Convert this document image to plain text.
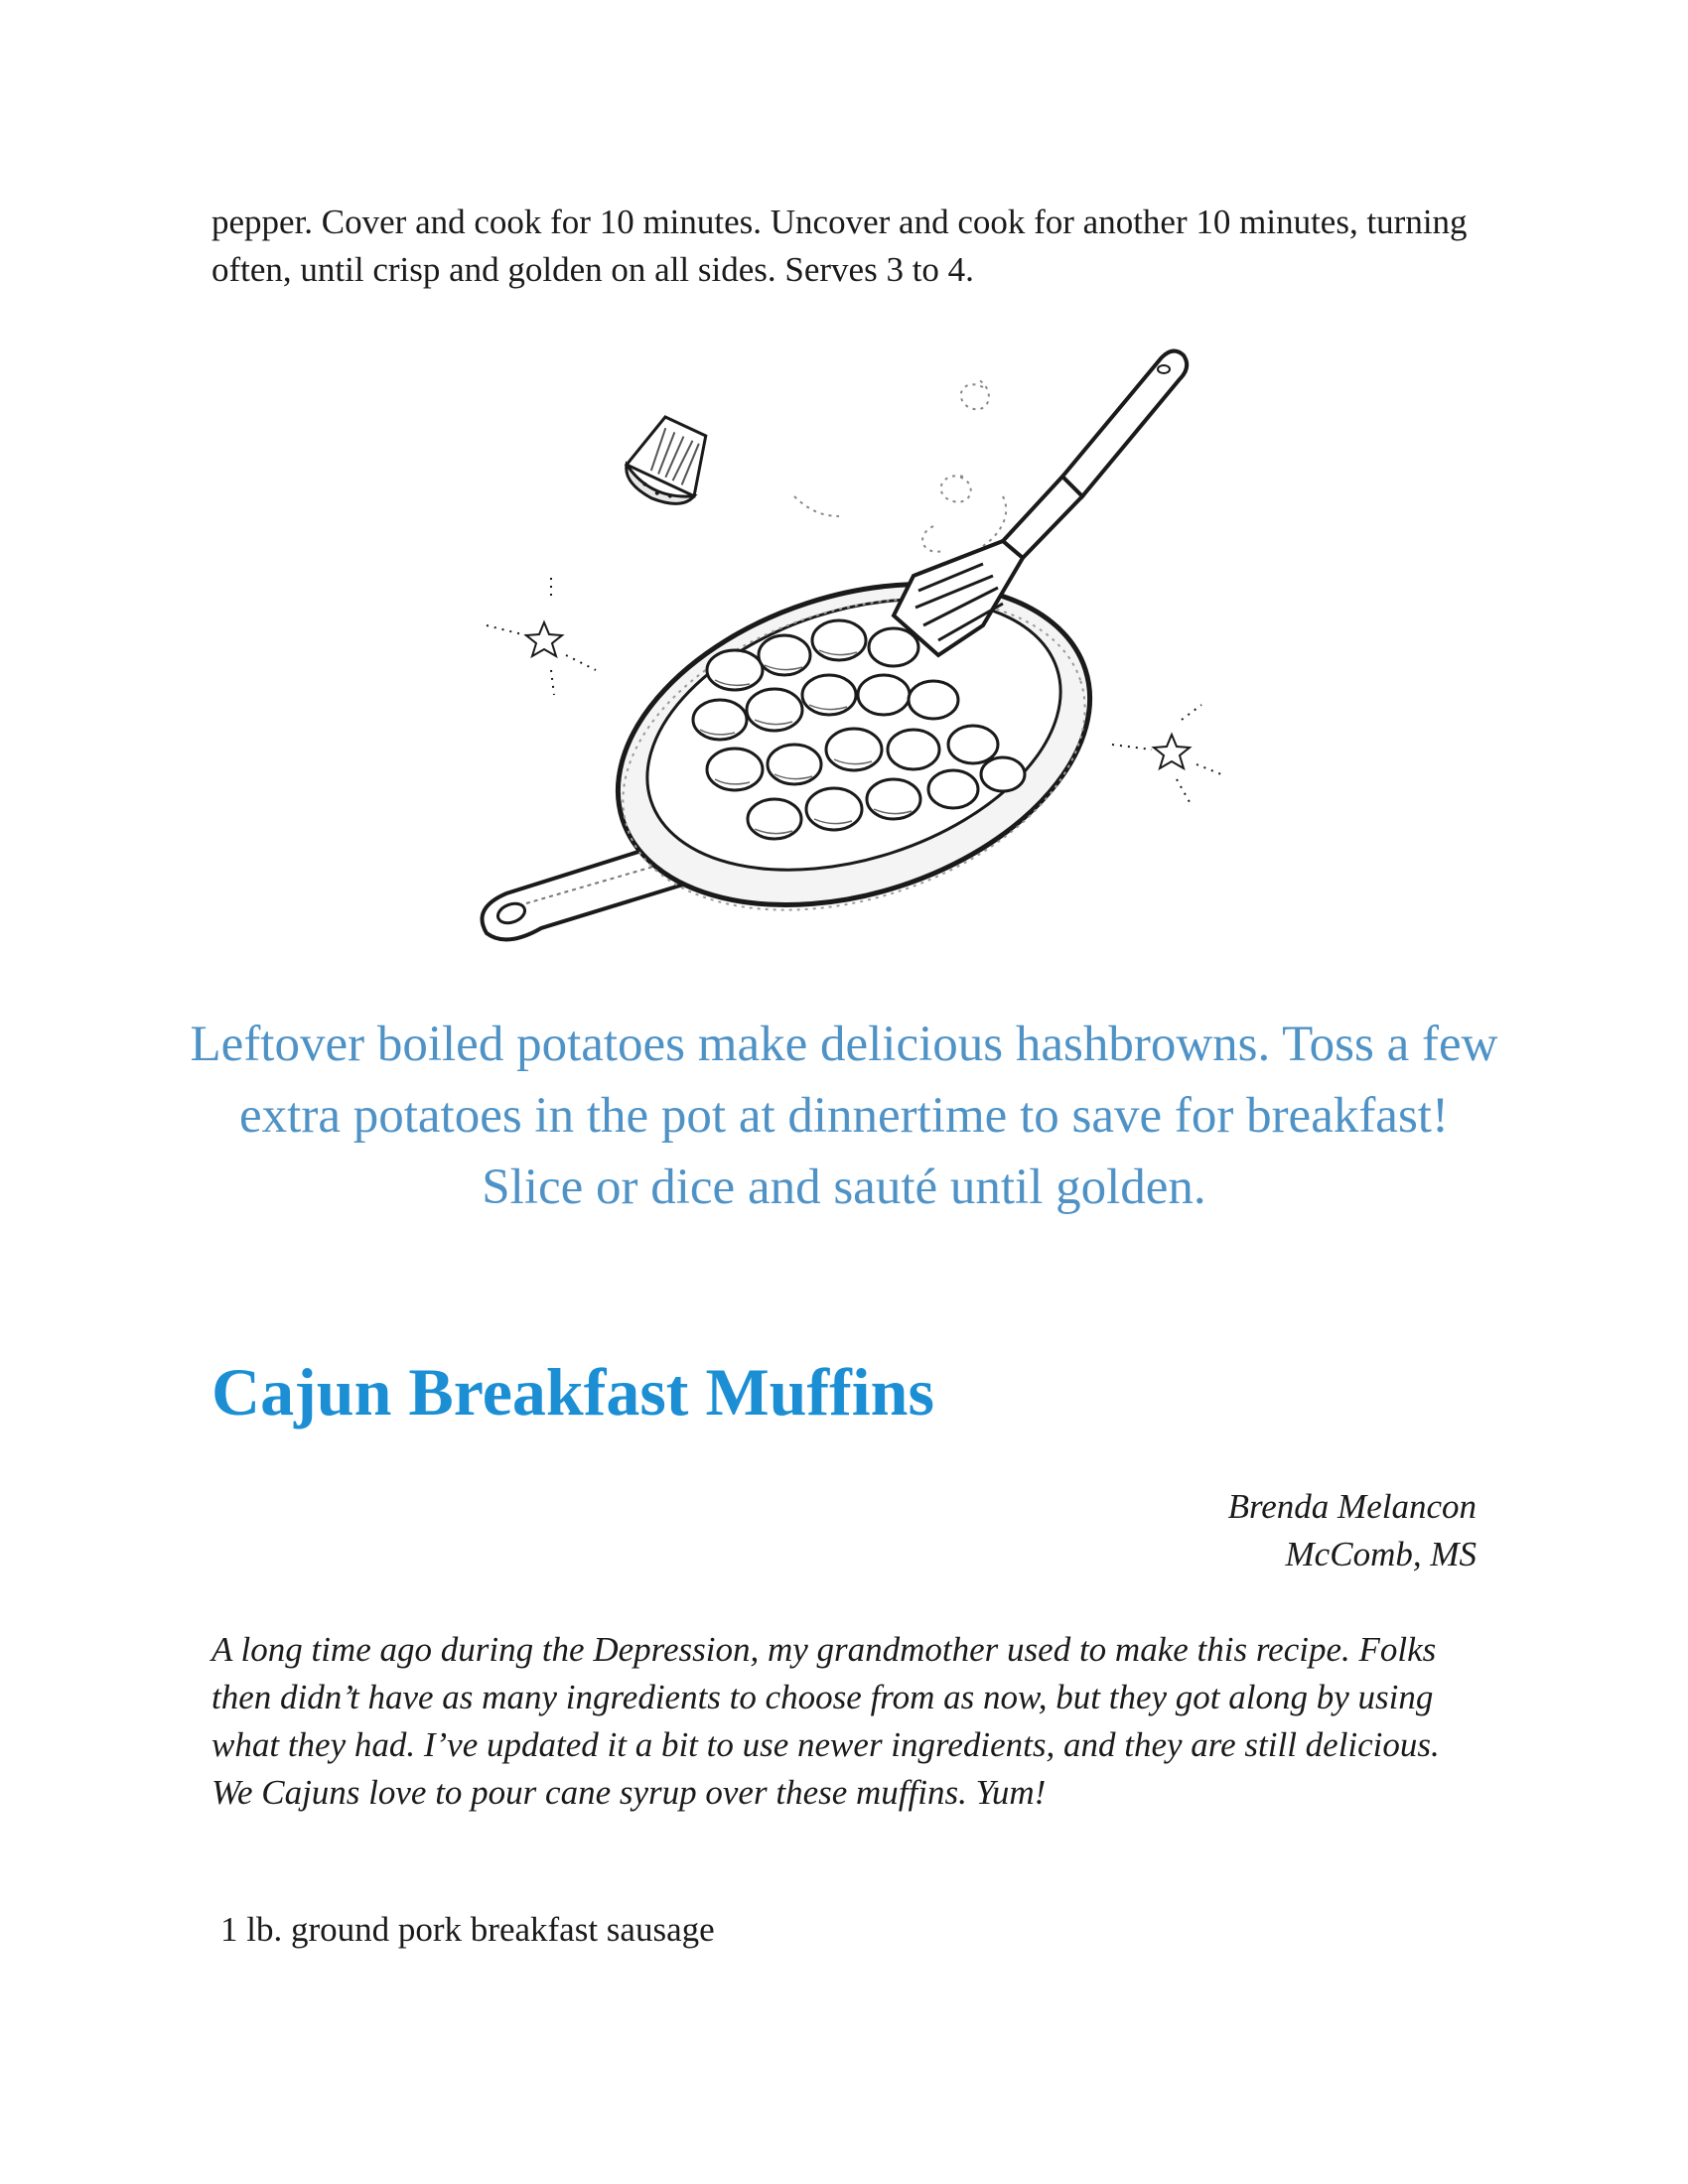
pepper. Cover and cook for 10 minutes. Uncover and cook for another 10 minutes, turning often, until crisp and golden on all sides. Serves 3 to 4.

Leftover boiled potatoes make delicious hashbrowns. Toss a few extra potatoes in the pot at dinnertime to save for breakfast! Slice or dice and sauté until golden.

Cajun Breakfast Muffins
Brenda Melancon
McComb, MS

A long time ago during the Depression, my grandmother used to make this recipe. Folks then didn’t have as many ingredients to choose from as now, but they got along by using what they had. I’ve updated it a bit to use newer ingredients, and they are still delicious. We Cajuns love to pour cane syrup over these muffins. Yum!

1 lb. ground pork breakfast sausage
